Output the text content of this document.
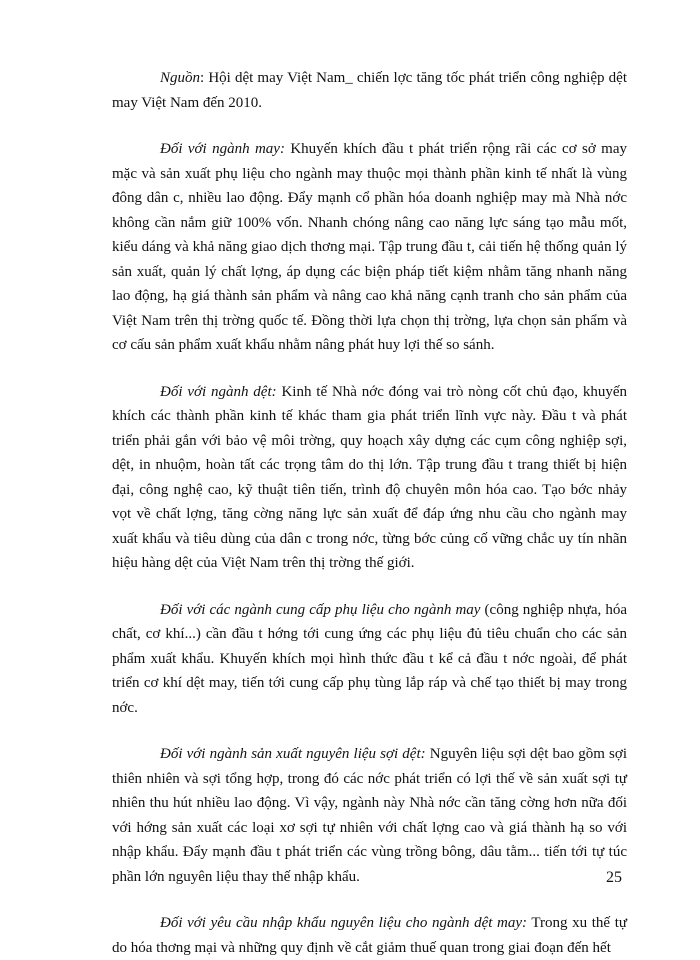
Nguồn: Hội dệt may Việt Nam_ chiến lợc tăng tốc phát triển công nghiệp dệt may Việt Nam đến 2010.

Đối với ngành may: Khuyến khích đầu t phát triển rộng rãi các cơ sở may mặc và sản xuất phụ liệu cho ngành may thuộc mọi thành phần kinh tế nhất là vùng đông dân c, nhiều lao động. Đẩy mạnh cổ phần hóa doanh nghiệp may mà Nhà nớc không cần nắm giữ 100% vốn. Nhanh chóng nâng cao năng lực sáng tạo mẫu mốt, kiểu dáng và khả năng giao dịch thơng mại. Tập trung đầu t, cải tiến hệ thống quản lý sản xuất, quản lý chất lợng, áp dụng các biện pháp tiết kiệm nhằm tăng nhanh năng lao động, hạ giá thành sản phẩm và nâng cao khả năng cạnh tranh cho sản phẩm của Việt Nam trên thị trờng quốc tế. Đồng thời lựa chọn thị trờng, lựa chọn sản phẩm và cơ cấu sản phẩm xuất khẩu nhằm nâng phát huy lợi thế so sánh.

Đối với ngành dệt: Kinh tế Nhà nớc đóng vai trò nòng cốt chủ đạo, khuyến khích các thành phần kinh tế khác tham gia phát triển lĩnh vực này. Đầu t và phát triển phải gắn với bảo vệ môi trờng, quy hoạch xây dựng các cụm công nghiệp sợi, dệt, in nhuộm, hoàn tất các trọng tâm do thị lớn. Tập trung đầu t trang thiết bị hiện đại, công nghệ cao, kỹ thuật tiên tiến, trình độ chuyên môn hóa cao. Tạo bớc nhảy vọt về chất lợng, tăng cờng năng lực sản xuất để đáp ứng nhu cầu cho ngành may xuất khẩu và tiêu dùng của dân c trong nớc, từng bớc củng cố vững chắc uy tín nhãn hiệu hàng dệt của Việt Nam trên thị trờng thế giới.

Đối với các ngành cung cấp phụ liệu cho ngành may (công nghiệp nhựa, hóa chất, cơ khí...) cần đầu t hớng tới cung ứng các phụ liệu đủ tiêu chuẩn cho các sản phẩm xuất khẩu. Khuyến khích mọi hình thức đầu t kể cả đầu t nớc ngoài, để phát triển cơ khí dệt may, tiến tới cung cấp phụ tùng lắp ráp và chế tạo thiết bị may trong nớc.

Đối với ngành sản xuất nguyên liệu sợi dệt: Nguyên liệu sợi dệt bao gồm sợi thiên nhiên và sợi tổng hợp, trong đó các nớc phát triển có lợi thế về sản xuất sợi tự nhiên thu hút nhiều lao động. Vì vậy, ngành này Nhà nớc cần tăng cờng hơn nữa đối với hớng sản xuất các loại xơ sợi tự nhiên với chất lợng cao và giá thành hạ so với nhập khẩu. Đẩy mạnh đầu t phát triển các vùng trồng bông, dâu tằm... tiến tới tự túc phần lớn nguyên liệu thay thế nhập khẩu.

Đối với yêu cầu nhập khẩu nguyên liệu cho ngành dệt may: Trong xu thế tự do hóa thơng mại và những quy định về cắt giảm thuế quan trong giai đoạn đến hết

25
